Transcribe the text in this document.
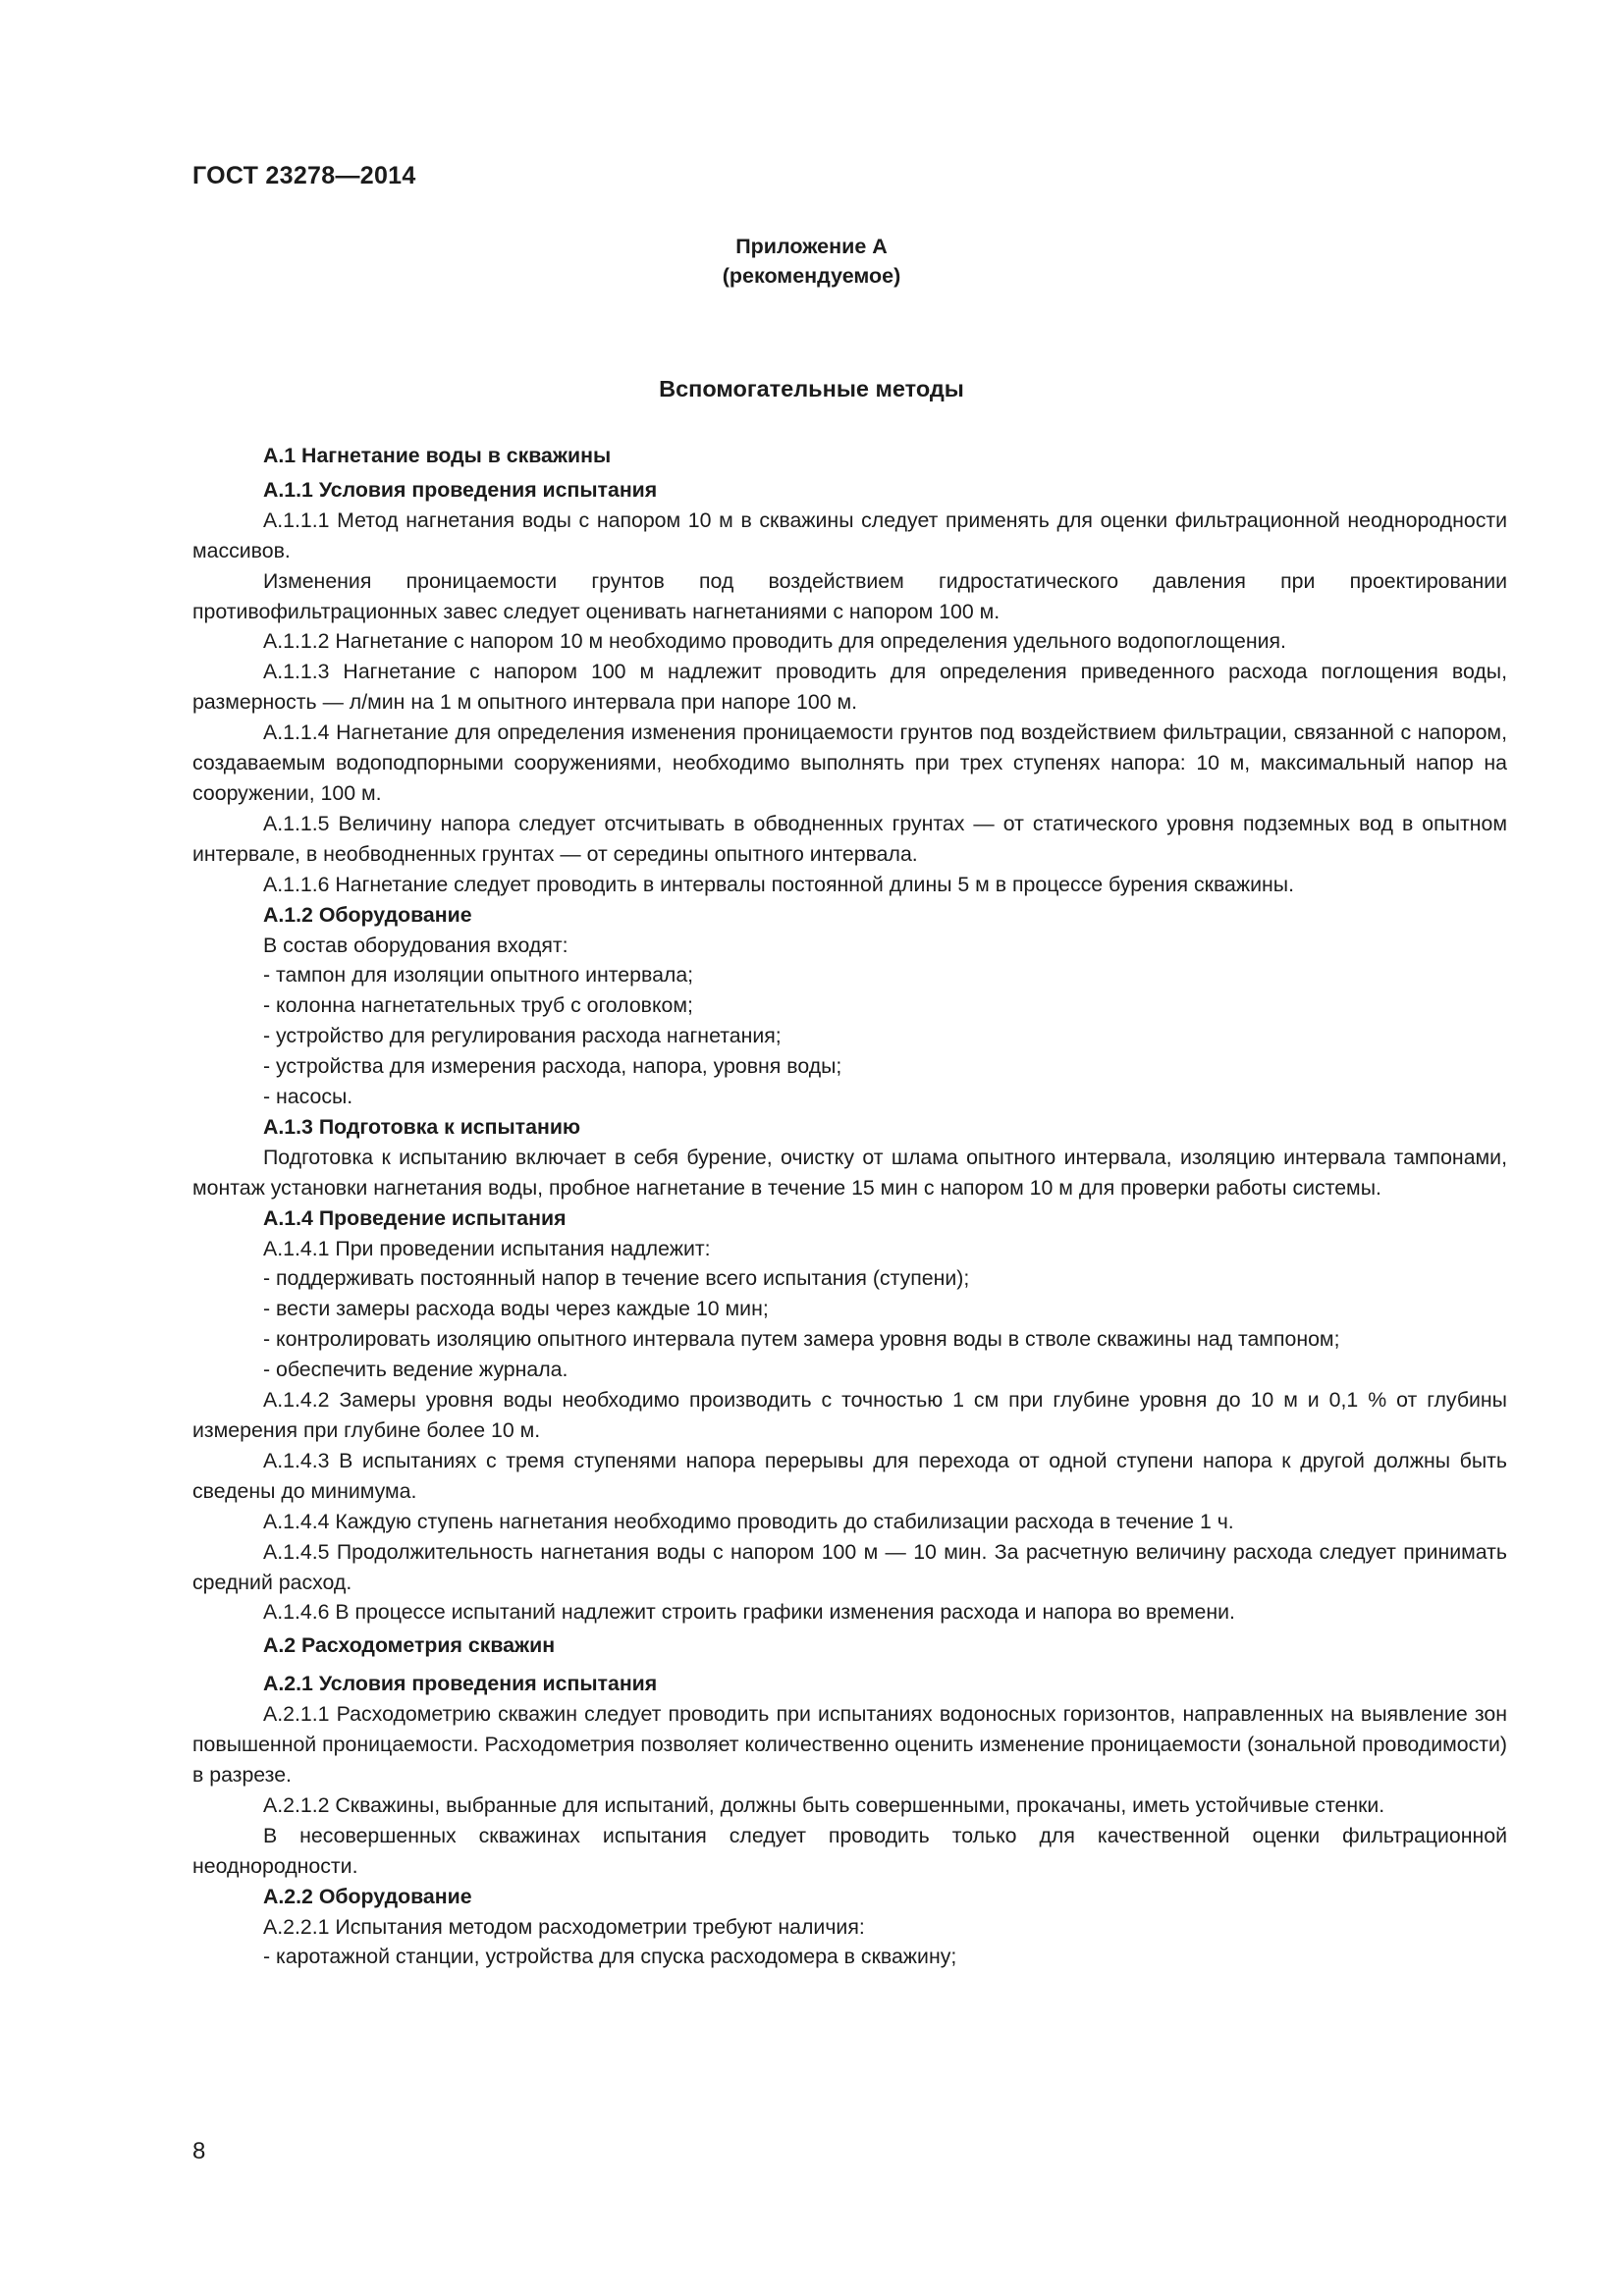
ГОСТ 23278—2014
Приложение А
(рекомендуемое)
Вспомогательные методы
А.1 Нагнетание воды в скважины
А.1.1 Условия проведения испытания
А.1.1.1 Метод нагнетания воды с напором 10 м в скважины следует применять для оценки фильтрационной неоднородности массивов.
Изменения проницаемости грунтов под воздействием гидростатического давления при проектировании противофильтрационных завес следует оценивать нагнетаниями с напором 100 м.
А.1.1.2 Нагнетание с напором 10 м необходимо проводить для определения удельного водопоглощения.
А.1.1.3 Нагнетание с напором 100 м надлежит проводить для определения приведенного расхода поглощения воды, размерность — л/мин на 1 м опытного интервала при напоре 100 м.
А.1.1.4 Нагнетание для определения изменения проницаемости грунтов под воздействием фильтрации, связанной с напором, создаваемым водоподпорными сооружениями, необходимо выполнять при трех ступенях напора: 10 м, максимальный напор на сооружении, 100 м.
А.1.1.5 Величину напора следует отсчитывать в обводненных грунтах — от статического уровня подземных вод в опытном интервале, в необводненных грунтах — от середины опытного интервала.
А.1.1.6 Нагнетание следует проводить в интервалы постоянной длины 5 м в процессе бурения скважины.
А.1.2 Оборудование
В состав оборудования входят:
- тампон для изоляции опытного интервала;
- колонна нагнетательных труб с оголовком;
- устройство для регулирования расхода нагнетания;
- устройства для измерения расхода, напора, уровня воды;
- насосы.
А.1.3 Подготовка к испытанию
Подготовка к испытанию включает в себя бурение, очистку от шлама опытного интервала, изоляцию интервала тампонами, монтаж установки нагнетания воды, пробное нагнетание в течение 15 мин с напором 10 м для проверки работы системы.
А.1.4 Проведение испытания
А.1.4.1 При проведении испытания надлежит:
- поддерживать постоянный напор в течение всего испытания (ступени);
- вести замеры расхода воды через каждые 10 мин;
- контролировать изоляцию опытного интервала путем замера уровня воды в стволе скважины над тампоном;
- обеспечить ведение журнала.
А.1.4.2 Замеры уровня воды необходимо производить с точностью 1 см при глубине уровня до 10 м и 0,1 % от глубины измерения при глубине более 10 м.
А.1.4.3 В испытаниях с тремя ступенями напора перерывы для перехода от одной ступени напора к другой должны быть сведены до минимума.
А.1.4.4 Каждую ступень нагнетания необходимо проводить до стабилизации расхода в течение 1 ч.
А.1.4.5 Продолжительность нагнетания воды с напором 100 м — 10 мин. За расчетную величину расхода следует принимать средний расход.
А.1.4.6 В процессе испытаний надлежит строить графики изменения расхода и напора во времени.
А.2 Расходометрия скважин
А.2.1 Условия проведения испытания
А.2.1.1 Расходометрию скважин следует проводить при испытаниях водоносных горизонтов, направленных на выявление зон повышенной проницаемости. Расходометрия позволяет количественно оценить изменение проницаемости (зональной проводимости) в разрезе.
А.2.1.2 Скважины, выбранные для испытаний, должны быть совершенными, прокачаны, иметь устойчивые стенки.
В несовершенных скважинах испытания следует проводить только для качественной оценки фильтрационной неоднородности.
А.2.2 Оборудование
А.2.2.1 Испытания методом расходометрии требуют наличия:
- каротажной станции, устройства для спуска расходомера в скважину;
8
